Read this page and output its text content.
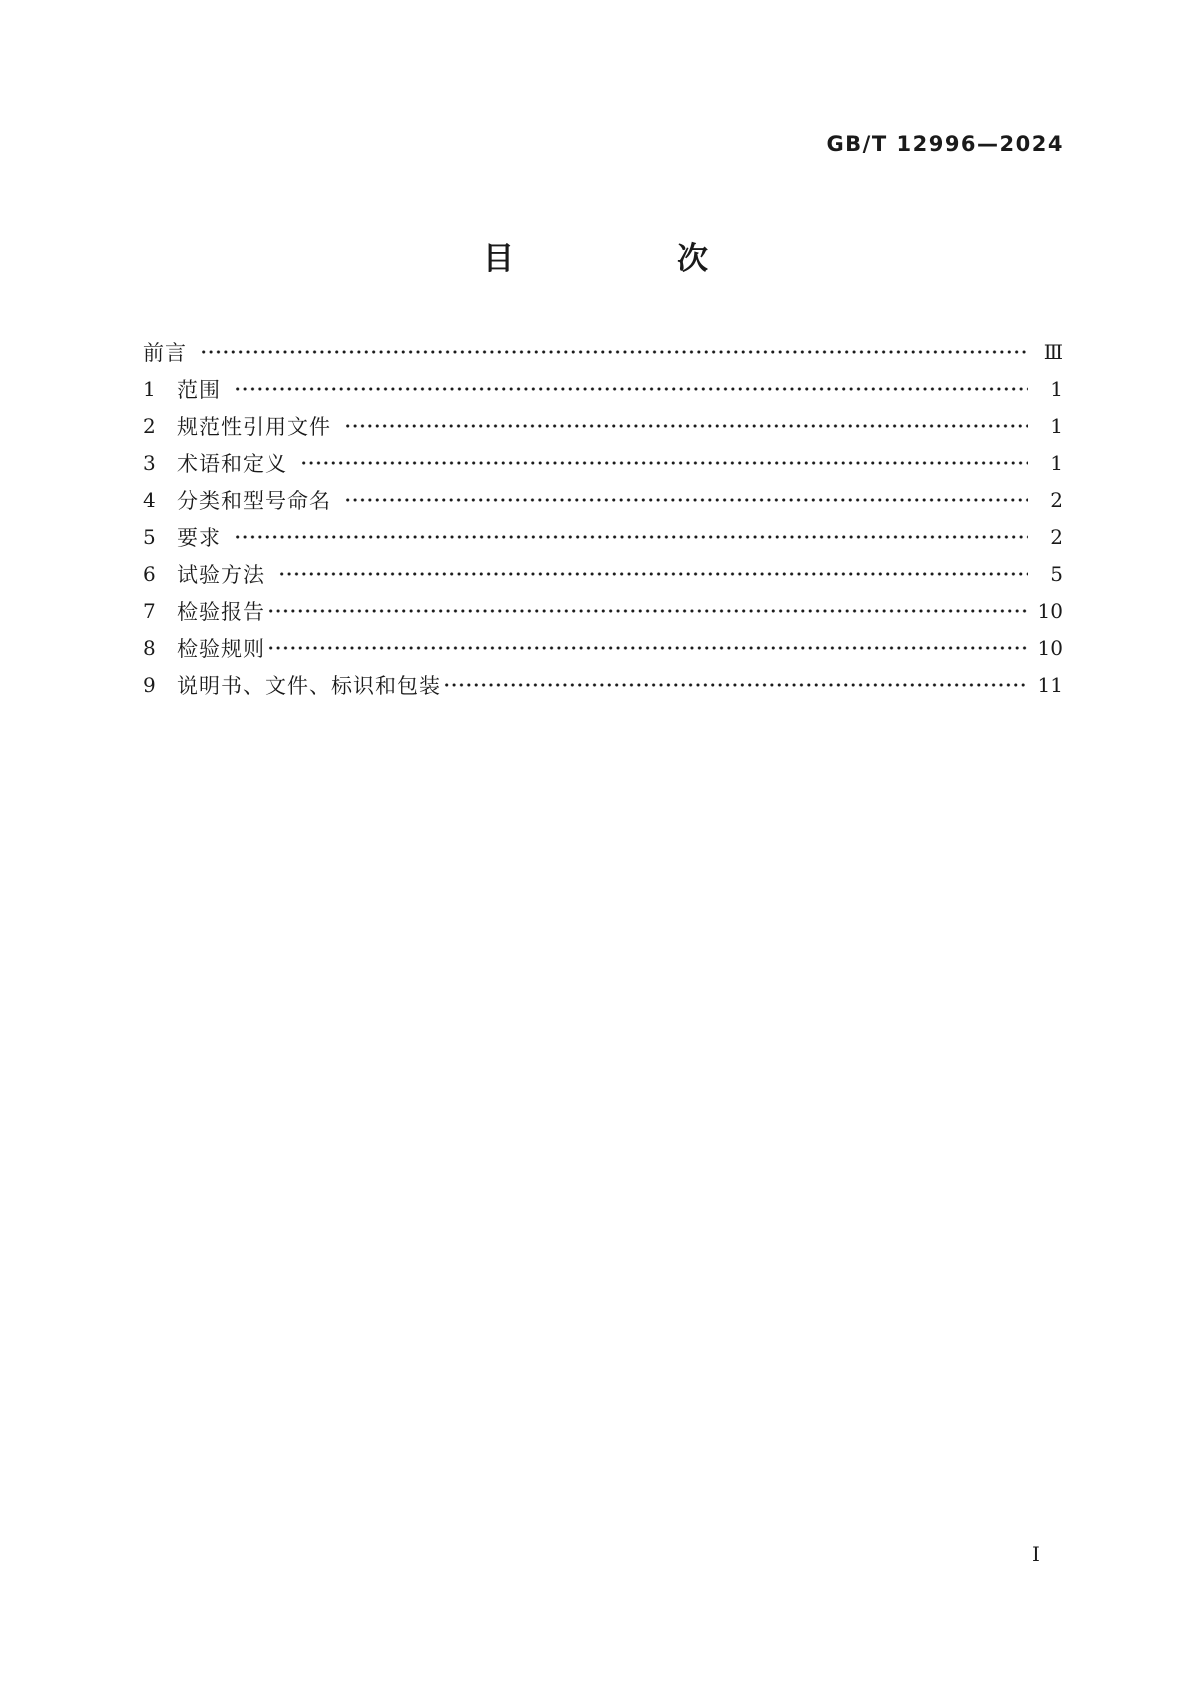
GB/T 12996—2024
目　次
前言	Ⅲ
1	范围	1
2	规范性引用文件	1
3	术语和定义	1
4	分类和型号命名	2
5	要求	2
6	试验方法	5
7	检验报告	10
8	检验规则	10
9	说明书、文件、标识和包装	11
Ⅰ
